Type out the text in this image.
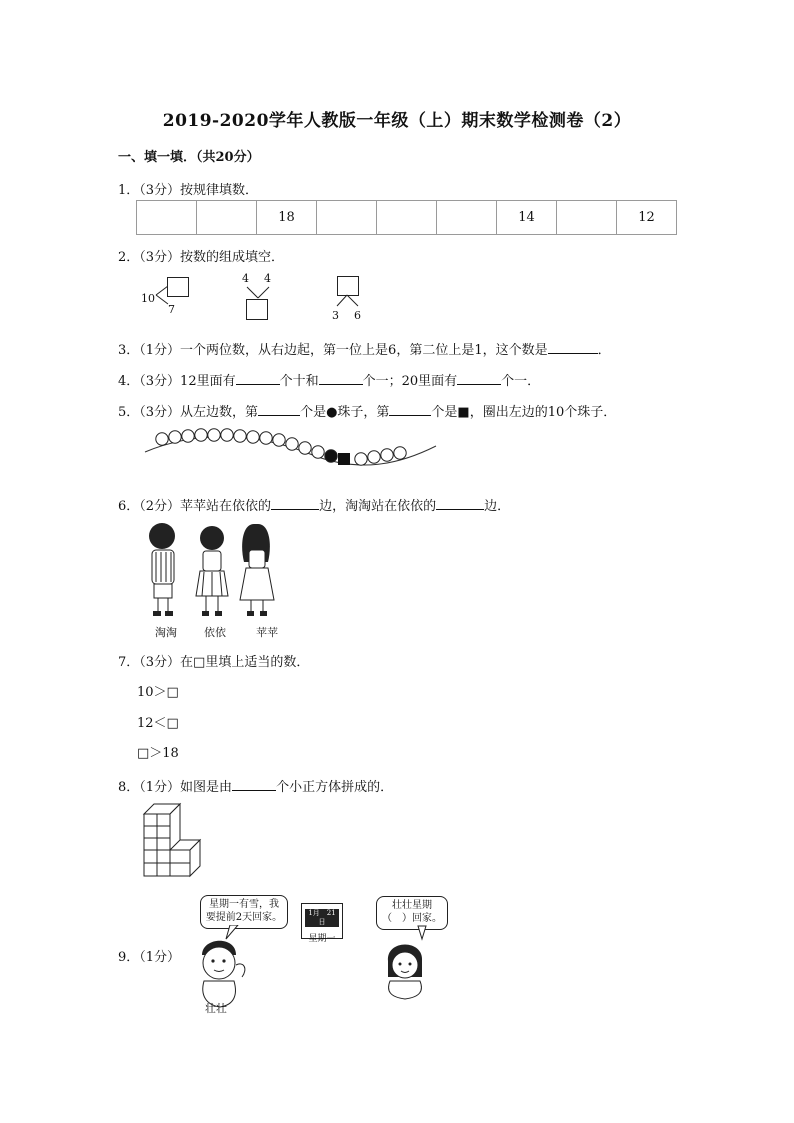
2019-2020学年人教版一年级（上）期末数学检测卷（2）
一、填一填．（共20分）
1．（3分）按规律填数．
		18				14		12
2．（3分）按数的组成填空．
10
7
4 4
3 6
3．（1分）一个两位数，从右边起，第一位上是6，第二位上是1，这个数是	．
4．（3分）12里面有	个十和	个一；20里面有	个一．
5．（3分）从左边数，第	个是●珠子，第	个是■，圈出左边的10个珠子．
6．（2分）苹苹站在依依的	边，淘淘站在依依的	边．
淘淘 依依	苹苹
7．（3分）在□里填上适当的数．
10＞□
12＜□
□＞18
8．（1分）如图是由	个小正方体拼成的．
9．（1分）
星期一有雪，我
要提前2天回家。	1月　21日
星期一
壮壮星期
（　）回家。
壮壮
